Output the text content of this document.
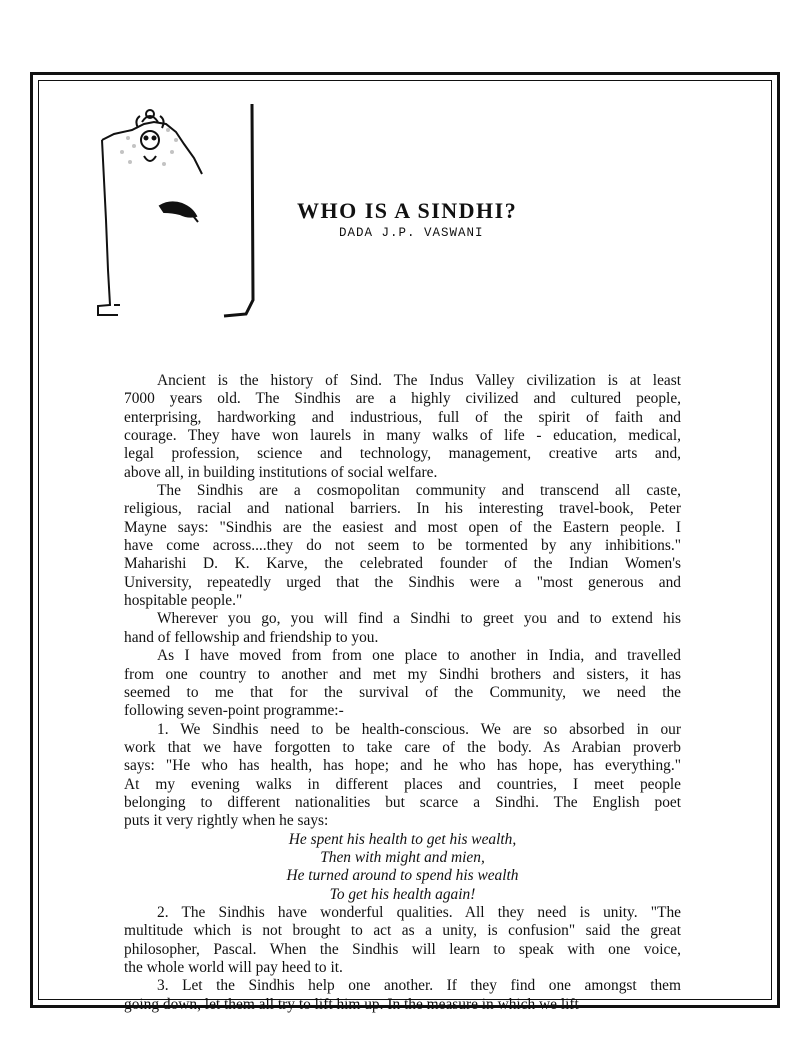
WHO IS A SINDHI?
DADA J.P. VASWANI

Ancient is the history of Sind. The Indus Valley civilization is at least
7000 years old. The Sindhis are a highly civilized and cultured people,
enterprising, hardworking and industrious, full of the spirit of faith and
courage. They have won laurels in many walks of life - education, medical,
legal profession, science and technology, management, creative arts and,
above all, in building institutions of social welfare.

The Sindhis are a cosmopolitan community and transcend all caste,
religious, racial and national barriers. In his interesting travel-book, Peter
Mayne says: "Sindhis are the easiest and most open of the Eastern people. I
have come across....they do not seem to be tormented by any inhibitions."
Maharishi D. K. Karve, the celebrated founder of the Indian Women's
University, repeatedly urged that the Sindhis were a "most generous and
hospitable people."

Wherever you go, you will find a Sindhi to greet you and to extend his
hand of fellowship and friendship to you.

As I have moved from from one place to another in India, and travelled
from one country to another and met my Sindhi brothers and sisters, it has
seemed to me that for the survival of the Community, we need the
following seven-point programme:-

1. We Sindhis need to be health-conscious. We are so absorbed in our
work that we have forgotten to take care of the body. As Arabian proverb
says: "He who has health, has hope; and he who has hope, has everything."
At my evening walks in different places and countries, I meet people
belonging to different nationalities but scarce a Sindhi. The English poet
puts it very rightly when he says:

He spent his health to get his wealth,
Then with might and mien,
He turned around to spend his wealth
To get his health again!

2. The Sindhis have wonderful qualities. All they need is unity. "The
multitude which is not brought to act as a unity, is confusion" said the great
philosopher, Pascal. When the Sindhis will learn to speak with one voice,
the whole world will pay heed to it.

3. Let the Sindhis help one another. If they find one amongst them
going down, let them all try to lift him up. In the measure in which we lift
